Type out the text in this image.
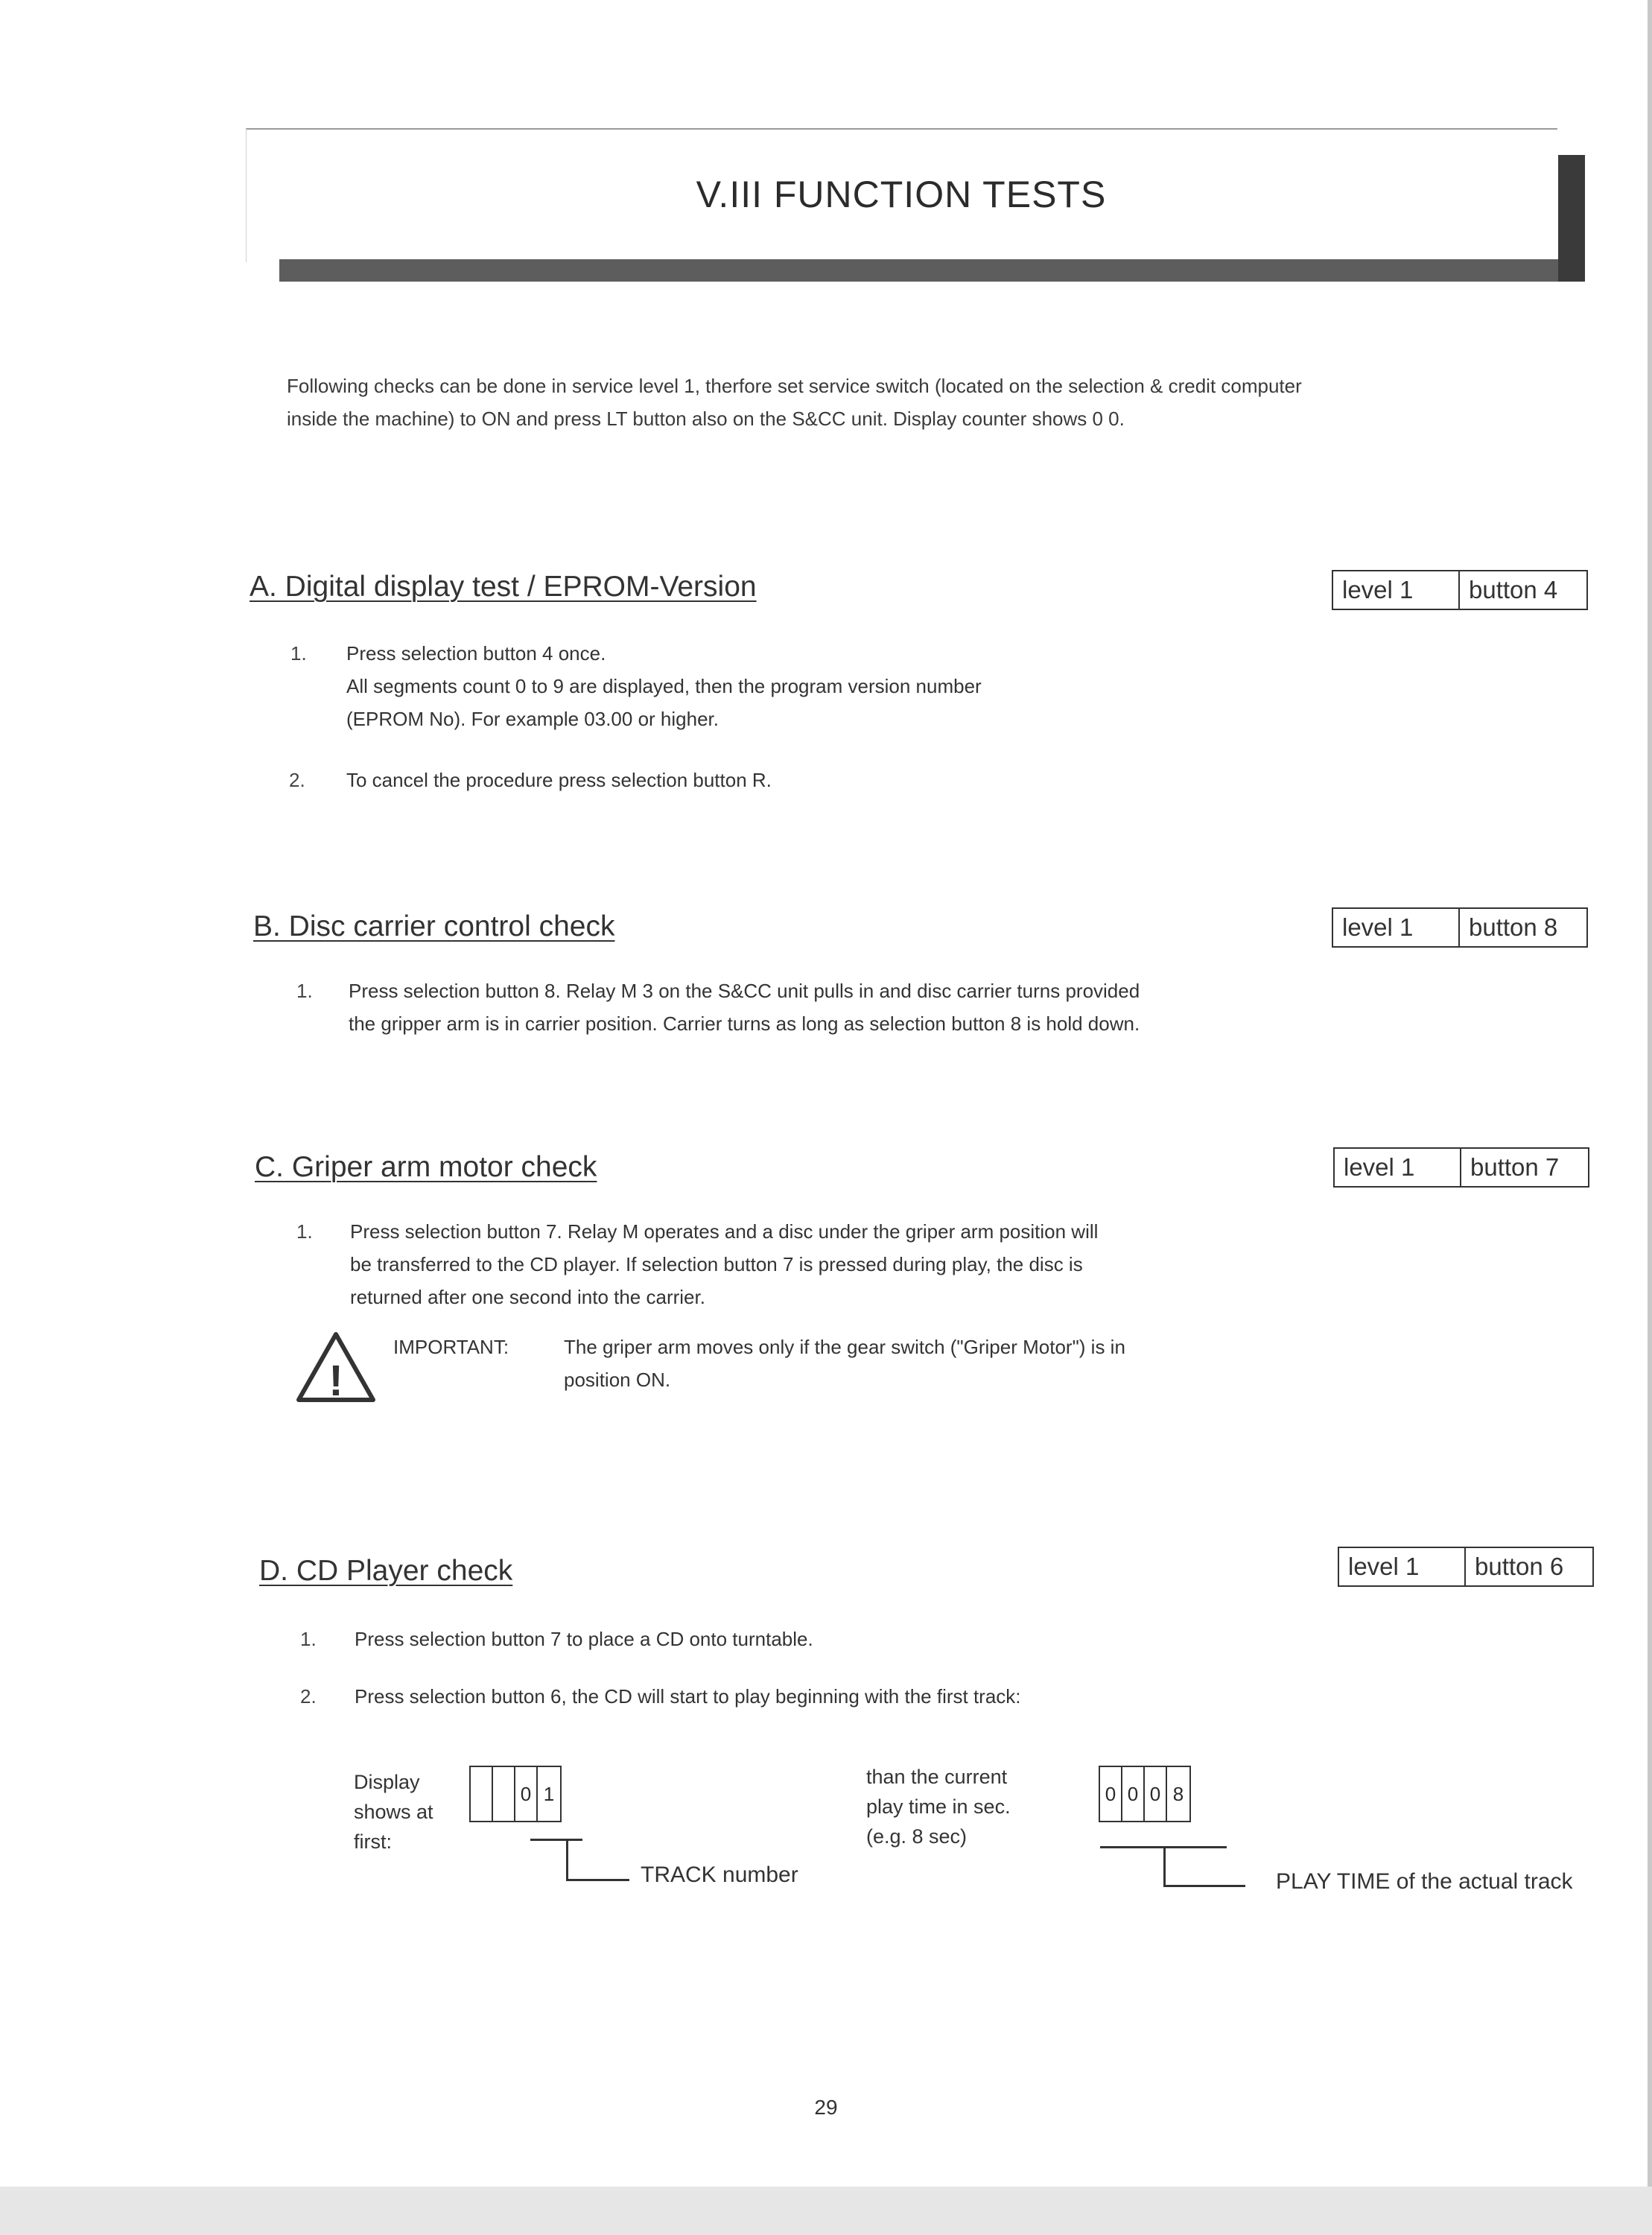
V.III FUNCTION TESTS
Following checks can be done in service level 1, therfore set service switch (located on the selection & credit computer
inside the machine) to ON and press LT button also on the S&CC unit. Display counter shows 0 0.
A. Digital display test / EPROM-Version	level 1	button 4
1. Press selection button 4 once.
All segments count 0 to 9 are displayed, then the program version number
(EPROM No). For example 03.00 or higher.
2. To cancel the procedure press selection button R.
B. Disc carrier control check	level 1	button 8
1. Press selection button 8. Relay M 3 on the S&CC unit pulls in and disc carrier turns provided
the gripper arm is in carrier position. Carrier turns as long as selection button 8 is hold down.
C. Griper arm motor check	level 1	button 7
1. Press selection button 7. Relay M operates and a disc under the griper arm position will
be transferred to the CD player. If selection button 7 is pressed during play, the disc is
returned after one second into the carrier.
!
IMPORTANT:	The griper arm moves only if the gear switch ("Griper Motor") is in
position ON.
D. CD Player check	level 1	button 6
1. Press selection button 7 to place a CD onto turntable.
2. Press selection button 6, the CD will start to play beginning with the first track:
Display
shows at
first:
0 1
TRACK number
than the current
play time in sec.
(e.g. 8 sec)
0 0 0 8
PLAY TIME of the actual track
29
